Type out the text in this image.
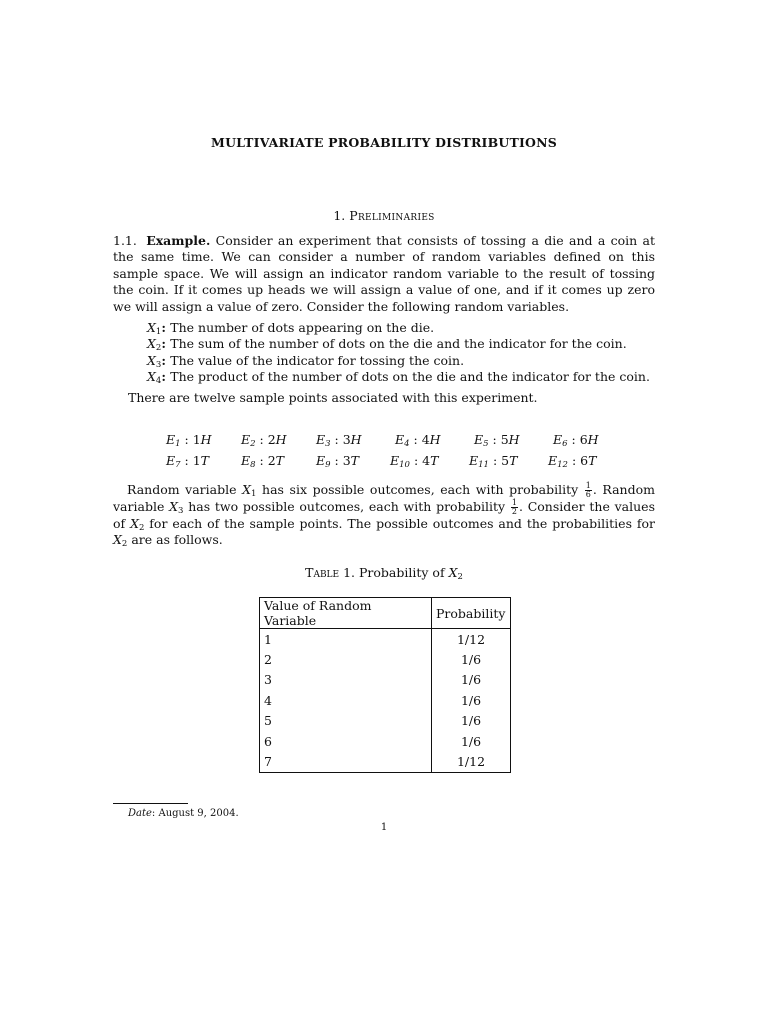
MULTIVARIATE PROBABILITY DISTRIBUTIONS
1. Preliminaries
1.1. Example. Consider an experiment that consists of tossing a die and a coin at the same time. We can consider a number of random variables defined on this sample space. We will assign an indicator random variable to the result of tossing the coin. If it comes up heads we will assign a value of one, and if it comes up zero we will assign a value of zero. Consider the following random variables.
$X_1$: The number of dots appearing on the die.
$X_2$: The sum of the number of dots on the die and the indicator for the coin.
$X_3$: The value of the indicator for tossing the coin.
$X_4$: The product of the number of dots on the die and the indicator for the coin.
There are twelve sample points associated with this experiment.
$E_1$ : 1H $E_2$ : 2H $E_3$ : 3H	$E_4$ : 4H	$E_5$ : 5H	$E_6$ : 6H
$E_7$ : 1T	$E_8$ : 2T	$E_9$ : 3T $E_{10}$ : 4T $E_{11}$ : 5T $E_{12}$ : 6T
Random variable $X_1$ has six possible outcomes, each with probability $\frac{1}{6}$ . Random variable $X_3$ has two possible outcomes, each with probability $\frac{1}{2}$ . Consider the values of $X_2$ for each of the sample points. The possible outcomes and the probabilities for $X_2$ are as follows.
Table 1. Probability of $X_2$
Value of Random Variable	Probability
1	1/12
2	1/6
3	1/6
4	1/6
5	1/6
6	1/6
7	1/12
Date: August 9, 2004.
1
